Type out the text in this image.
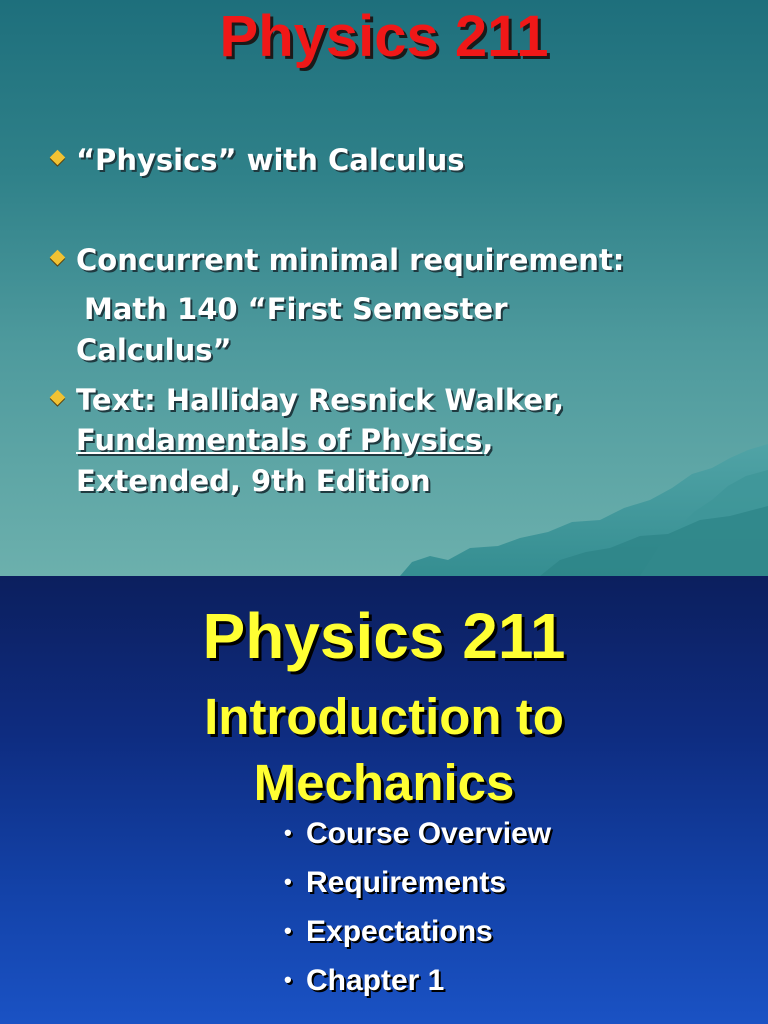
Physics 211
“Physics” with Calculus
Concurrent minimal requirement:
Math 140 “First Semester
Calculus”
Text: Halliday Resnick Walker,
Fundamentals of Physics,
Extended, 9th Edition
Physics 211
Introduction to
Mechanics
• Course Overview
• Requirements
• Expectations
• Chapter 1
